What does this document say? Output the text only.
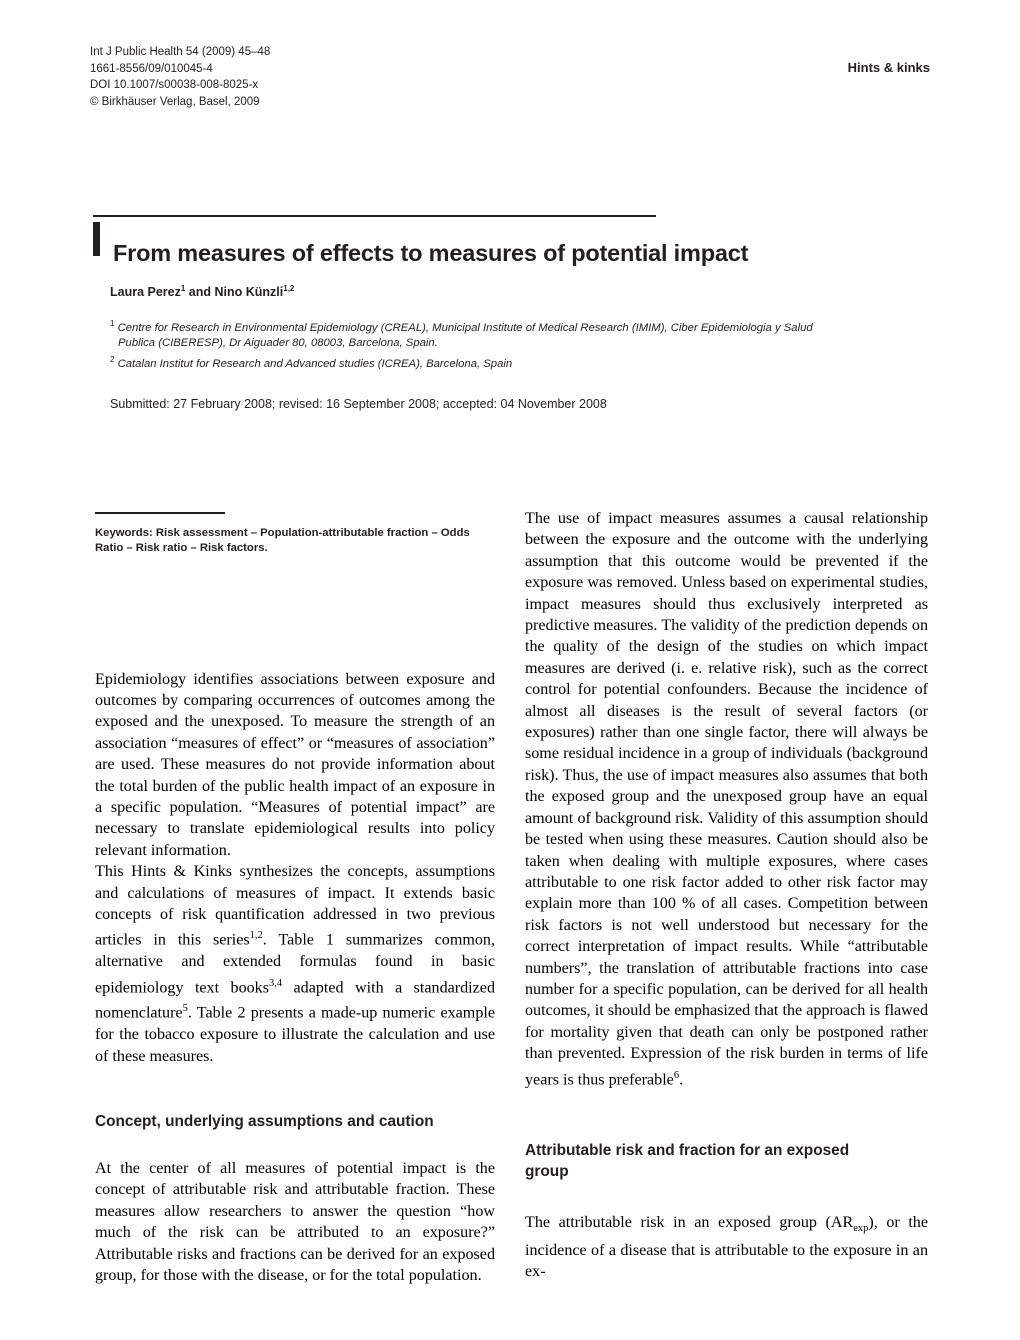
Int J Public Health 54 (2009) 45–48
1661-8556/09/010045-4
DOI 10.1007/s00038-008-8025-x
© Birkhäuser Verlag, Basel, 2009
Hints & kinks
From measures of effects to measures of potential impact
Laura Perez$^1$ and Nino Künzli$^{1,2}$
$^1$ Centre for Research in Environmental Epidemiology (CREAL), Municipal Institute of Medical Research (IMIM), Ciber Epidemiologia y Salud
Publica (CIBERESP), Dr Aiguader 80, 08003, Barcelona, Spain.
$^2$ Catalan Institut for Research and Advanced studies (ICREA), Barcelona, Spain
Submitted: 27 February 2008; revised: 16 September 2008; accepted: 04 November 2008
Keywords: Risk assessment – Population-attributable fraction – Odds Ratio – Risk ratio – Risk factors.

Epidemiology identifies associations between exposure and outcomes by comparing occurrences of outcomes among the exposed and the unexposed. To measure the strength of an association “measures of effect” or “measures of association” are used. These measures do not provide information about the total burden of the public health impact of an exposure in a specific population. “Measures of potential impact” are necessary to translate epidemiological results into policy relevant information.

This Hints & Kinks synthesizes the concepts, assumptions and calculations of measures of impact. It extends basic concepts of risk quantification addressed in two previous articles in this series$^{1,2}$. Table 1 summarizes common, alternative and extended formulas found in basic epidemiology text books$^{3,4}$ adapted with a standardized nomenclature$^5$. Table 2 presents a made-up numeric example for the tobacco exposure to illustrate the calculation and use of these measures.

Concept, underlying assumptions and caution

At the center of all measures of potential impact is the concept of attributable risk and attributable fraction. These measures allow researchers to answer the question “how much of the risk can be attributed to an exposure?” Attributable risks and fractions can be derived for an exposed group, for those with the disease, or for the total population.

The use of impact measures assumes a causal relationship between the exposure and the outcome with the underlying assumption that this outcome would be prevented if the exposure was removed. Unless based on experimental studies, impact measures should thus exclusively interpreted as predictive measures. The validity of the prediction depends on the quality of the design of the studies on which impact measures are derived (i. e. relative risk), such as the correct control for potential confounders. Because the incidence of almost all diseases is the result of several factors (or exposures) rather than one single factor, there will always be some residual incidence in a group of individuals (background risk). Thus, the use of impact measures also assumes that both the exposed group and the unexposed group have an equal amount of background risk. Validity of this assumption should be tested when using these measures. Caution should also be taken when dealing with multiple exposures, where cases attributable to one risk factor added to other risk factor may explain more than 100 % of all cases. Competition between risk factors is not well understood but necessary for the correct interpretation of impact results. While “attributable numbers”, the translation of attributable fractions into case number for a specific population, can be derived for all health outcomes, it should be emphasized that the approach is flawed for mortality given that death can only be postponed rather than prevented. Expression of the risk burden in terms of life years is thus preferable$^6$.

Attributable risk and fraction for an exposed
group

The attributable risk in an exposed group $(AR_{exp})$, or the incidence of a disease that is attributable to the exposure in an ex-
